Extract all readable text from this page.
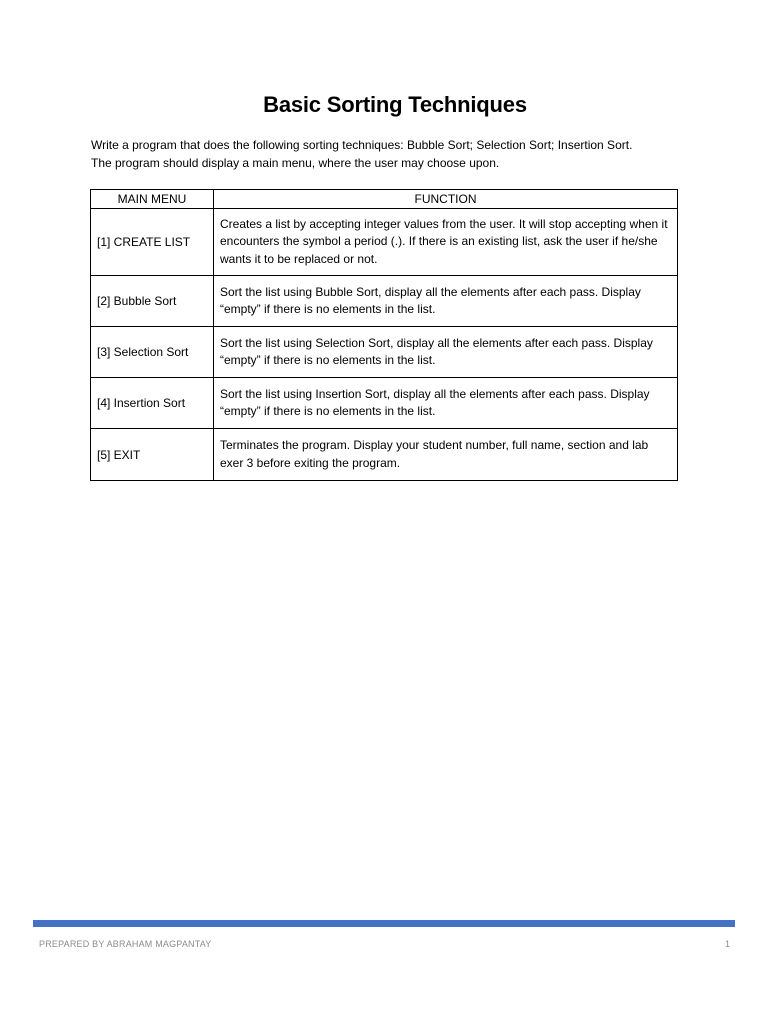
Basic Sorting Techniques

Write a program that does the following sorting techniques: Bubble Sort; Selection Sort; Insertion Sort.

The program should display a main menu, where the user may choose upon.

MAIN MENU	FUNCTION
[1] CREATE LIST	Creates a list by accepting integer values from the user. It will stop accepting when it encounters the symbol a period (.). If there is an existing list, ask the user if he/she wants it to be replaced or not.
[2] Bubble Sort	Sort the list using Bubble Sort, display all the elements after each pass. Display “empty” if there is no elements in the list.
[3] Selection Sort	Sort the list using Selection Sort, display all the elements after each pass. Display “empty” if there is no elements in the list.
[4] Insertion Sort	Sort the list using Insertion Sort, display all the elements after each pass. Display “empty” if there is no elements in the list.
[5] EXIT	Terminates the program. Display your student number, full name, section and lab exer 3 before exiting the program.
PREPARED BY ABRAHAM MAGPANTAY	1
